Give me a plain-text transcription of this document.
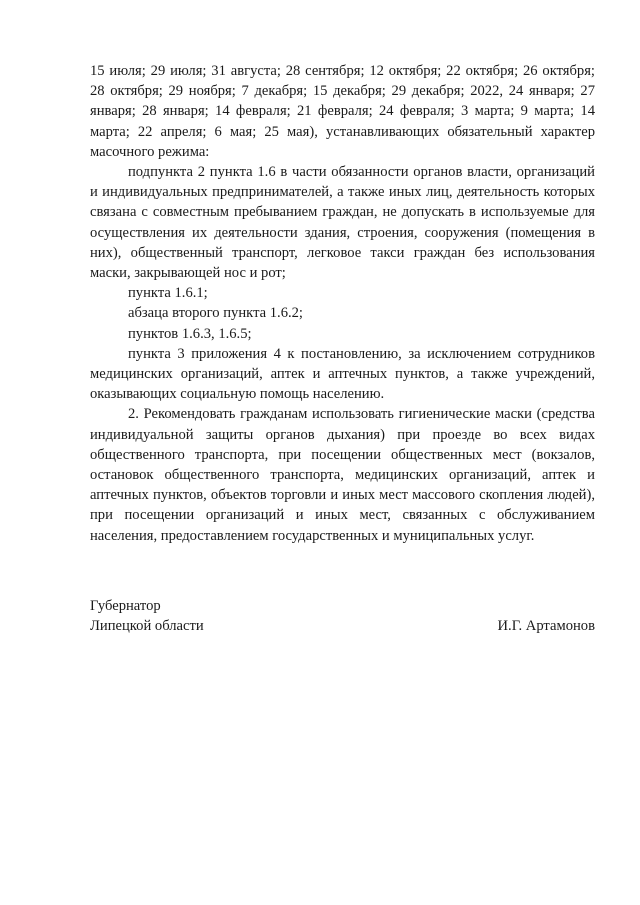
15 июля; 29 июля; 31 августа; 28 сентября; 12 октября; 22 октября; 26 октября; 28 октября; 29 ноября; 7 декабря; 15 декабря; 29 декабря; 2022, 24 января; 27 января; 28 января; 14 февраля; 21 февраля; 24 февраля; 3 марта; 9 марта; 14 марта; 22 апреля; 6 мая; 25 мая), устанавливающих обязательный характер масочного режима:

подпункта 2 пункта 1.6 в части обязанности органов власти, организаций и индивидуальных предпринимателей, а также иных лиц, деятельность которых связана с совместным пребыванием граждан, не допускать в используемые для осуществления их деятельности здания, строения, сооружения (помещения в них), общественный транспорт, легковое такси граждан без использования маски, закрывающей нос и рот;

пункта 1.6.1;

абзаца второго пункта 1.6.2;

пунктов 1.6.3, 1.6.5;

пункта 3 приложения 4 к постановлению, за исключением сотрудников медицинских организаций, аптек и аптечных пунктов, а также учреждений, оказывающих социальную помощь населению.

2. Рекомендовать гражданам использовать гигиенические маски (средства индивидуальной защиты органов дыхания) при проезде во всех видах общественного транспорта, при посещении общественных мест (вокзалов, остановок общественного транспорта, медицинских организаций, аптек и аптечных пунктов, объектов торговли и иных мест массового скопления людей), при посещении организаций и иных мест, связанных с обслуживанием населения, предоставлением государственных и муниципальных услуг.

Губернатор
Липецкой области	И.Г. Артамонов
